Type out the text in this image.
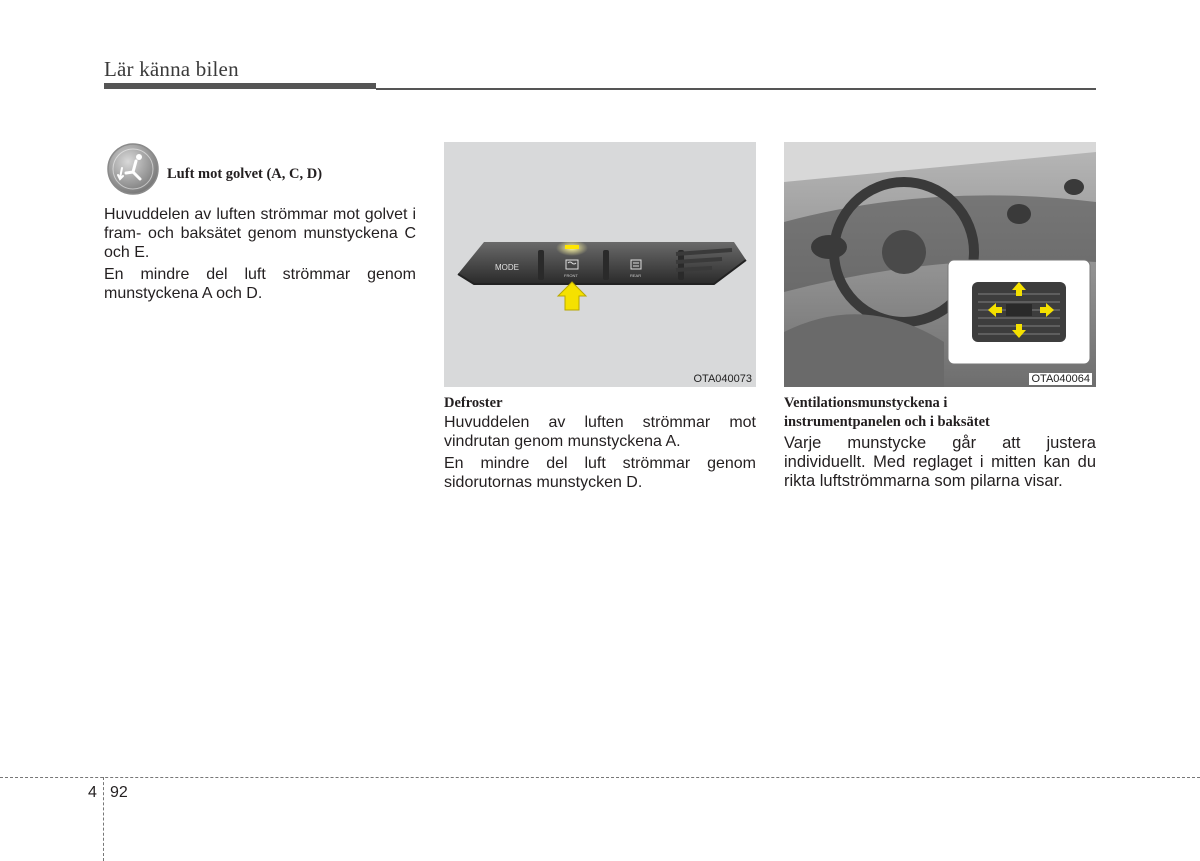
Lär känna bilen
Luft mot golvet (A, C, D)

Huvuddelen av luften strömmar mot golvet i fram- och baksätet genom munstyckena C och E.

En mindre del luft strömmar genom munstyckena A och D.

MODE
FRONT	REAR
OTA040073

Defroster

Huvuddelen av luften strömmar mot vindrutan genom munstyckena A.

En mindre del luft strömmar genom sidorutornas munstycken D.

OTA040064

Ventilationsmunstyckena i

instrumentpanelen och i baksätet

Varje munstycke går att justera individuellt. Med reglaget i mitten kan du rikta luftströmmarna som pilarna visar.

4 92
